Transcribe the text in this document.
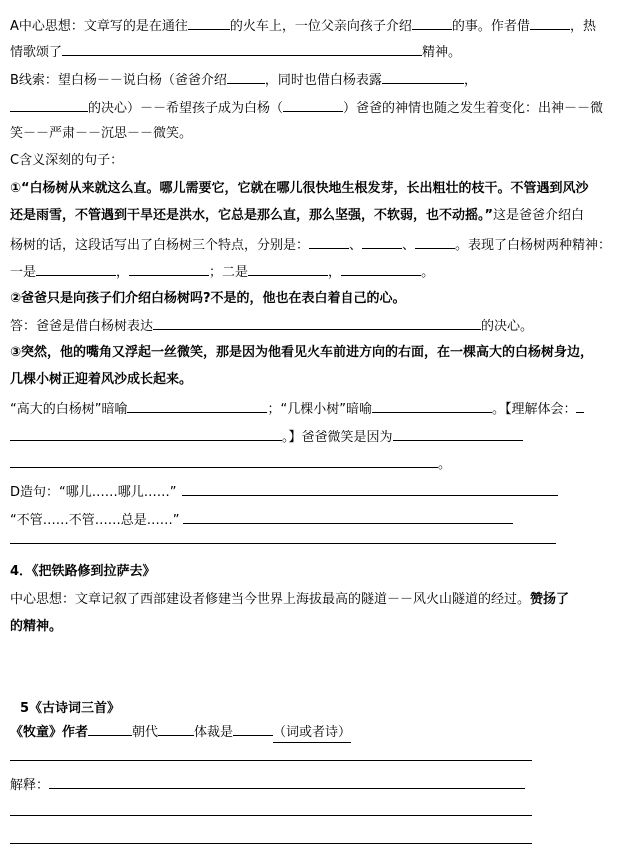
A中心思想：文章写的是在通往	的火车上，一位父亲向孩子介绍	的事。作者借	，热
情歌颂了	精神。
B线索：望白杨－－说白杨（爸爸介绍	，同时也借白杨表露	，
的决心）－－希望孩子成为白杨（	）爸爸的神情也随之发生着变化：出神－－微
笑－－严肃－－沉思－－微笑。
C含义深刻的句子：
①“白杨树从来就这么直。哪儿需要它，它就在哪儿很快地生根发芽，长出粗壮的枝干。不管遇到风沙
还是雨雪，不管遇到干旱还是洪水，它总是那么直，那么坚强，不软弱，也不动摇。”这是爸爸介绍白
杨树的话，这段话写出了白杨树三个特点，分别是：	、	、	。表现了白杨树两种精神：
一是	，	；二是	，	。
②爸爸只是向孩子们介绍白杨树吗?不是的，他也在表白着自己的心。
答：爸爸是借白杨树表达	的决心。
③突然，他的嘴角又浮起一丝微笑，那是因为他看见火车前进方向的右面，在一棵高大的白杨树身边，
几棵小树正迎着风沙成长起来。
“高大的白杨树”暗喻	；“几棵小树”暗喻	。【理解体会：
。】爸爸微笑是因为
。
D造句：“哪儿……哪儿……”
“不管……不管……总是……”
4．《把铁路修到拉萨去》
中心思想：文章记叙了西部建设者修建当今世界上海拔最高的隧道－－风火山隧道的经过。赞扬了
的精神。
5《古诗词三首》
《牧童》作者	朝代	体裁是	（词或者诗）
解释：
